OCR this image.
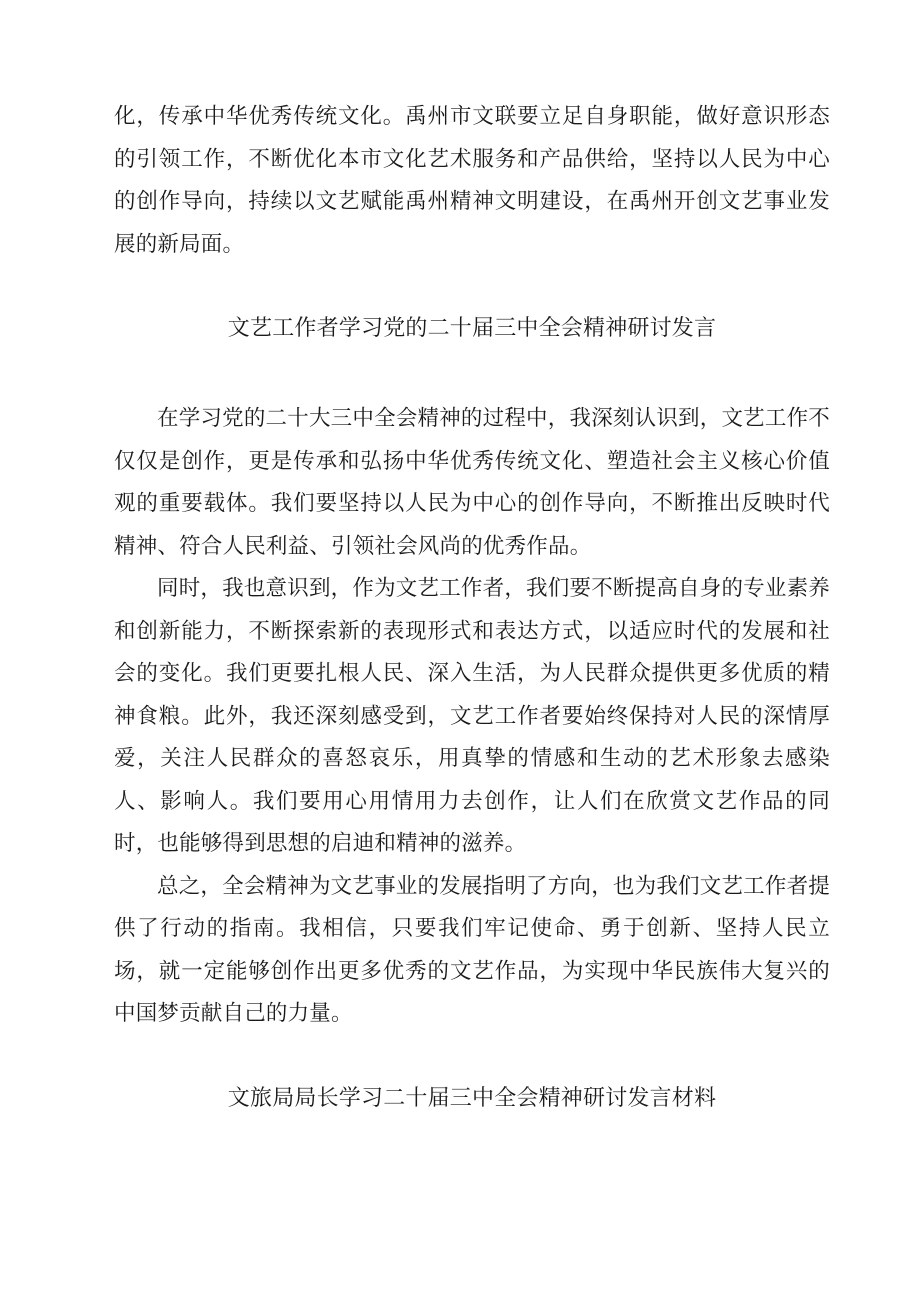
化，传承中华优秀传统文化。禹州市文联要立足自身职能，做好意识形态的引领工作，不断优化本市文化艺术服务和产品供给，坚持以人民为中心的创作导向，持续以文艺赋能禹州精神文明建设，在禹州开创文艺事业发展的新局面。

文艺工作者学习党的二十届三中全会精神研讨发言

在学习党的二十大三中全会精神的过程中，我深刻认识到，文艺工作不仅仅是创作，更是传承和弘扬中华优秀传统文化、塑造社会主义核心价值观的重要载体。我们要坚持以人民为中心的创作导向，不断推出反映时代精神、符合人民利益、引领社会风尚的优秀作品。

同时，我也意识到，作为文艺工作者，我们要不断提高自身的专业素养和创新能力，不断探索新的表现形式和表达方式，以适应时代的发展和社会的变化。我们更要扎根人民、深入生活，为人民群众提供更多优质的精神食粮。此外，我还深刻感受到，文艺工作者要始终保持对人民的深情厚爱，关注人民群众的喜怒哀乐，用真挚的情感和生动的艺术形象去感染人、影响人。我们要用心用情用力去创作，让人们在欣赏文艺作品的同时，也能够得到思想的启迪和精神的滋养。

总之，全会精神为文艺事业的发展指明了方向，也为我们文艺工作者提供了行动的指南。我相信，只要我们牢记使命、勇于创新、坚持人民立场，就一定能够创作出更多优秀的文艺作品，为实现中华民族伟大复兴的中国梦贡献自己的力量。

文旅局局长学习二十届三中全会精神研讨发言材料
